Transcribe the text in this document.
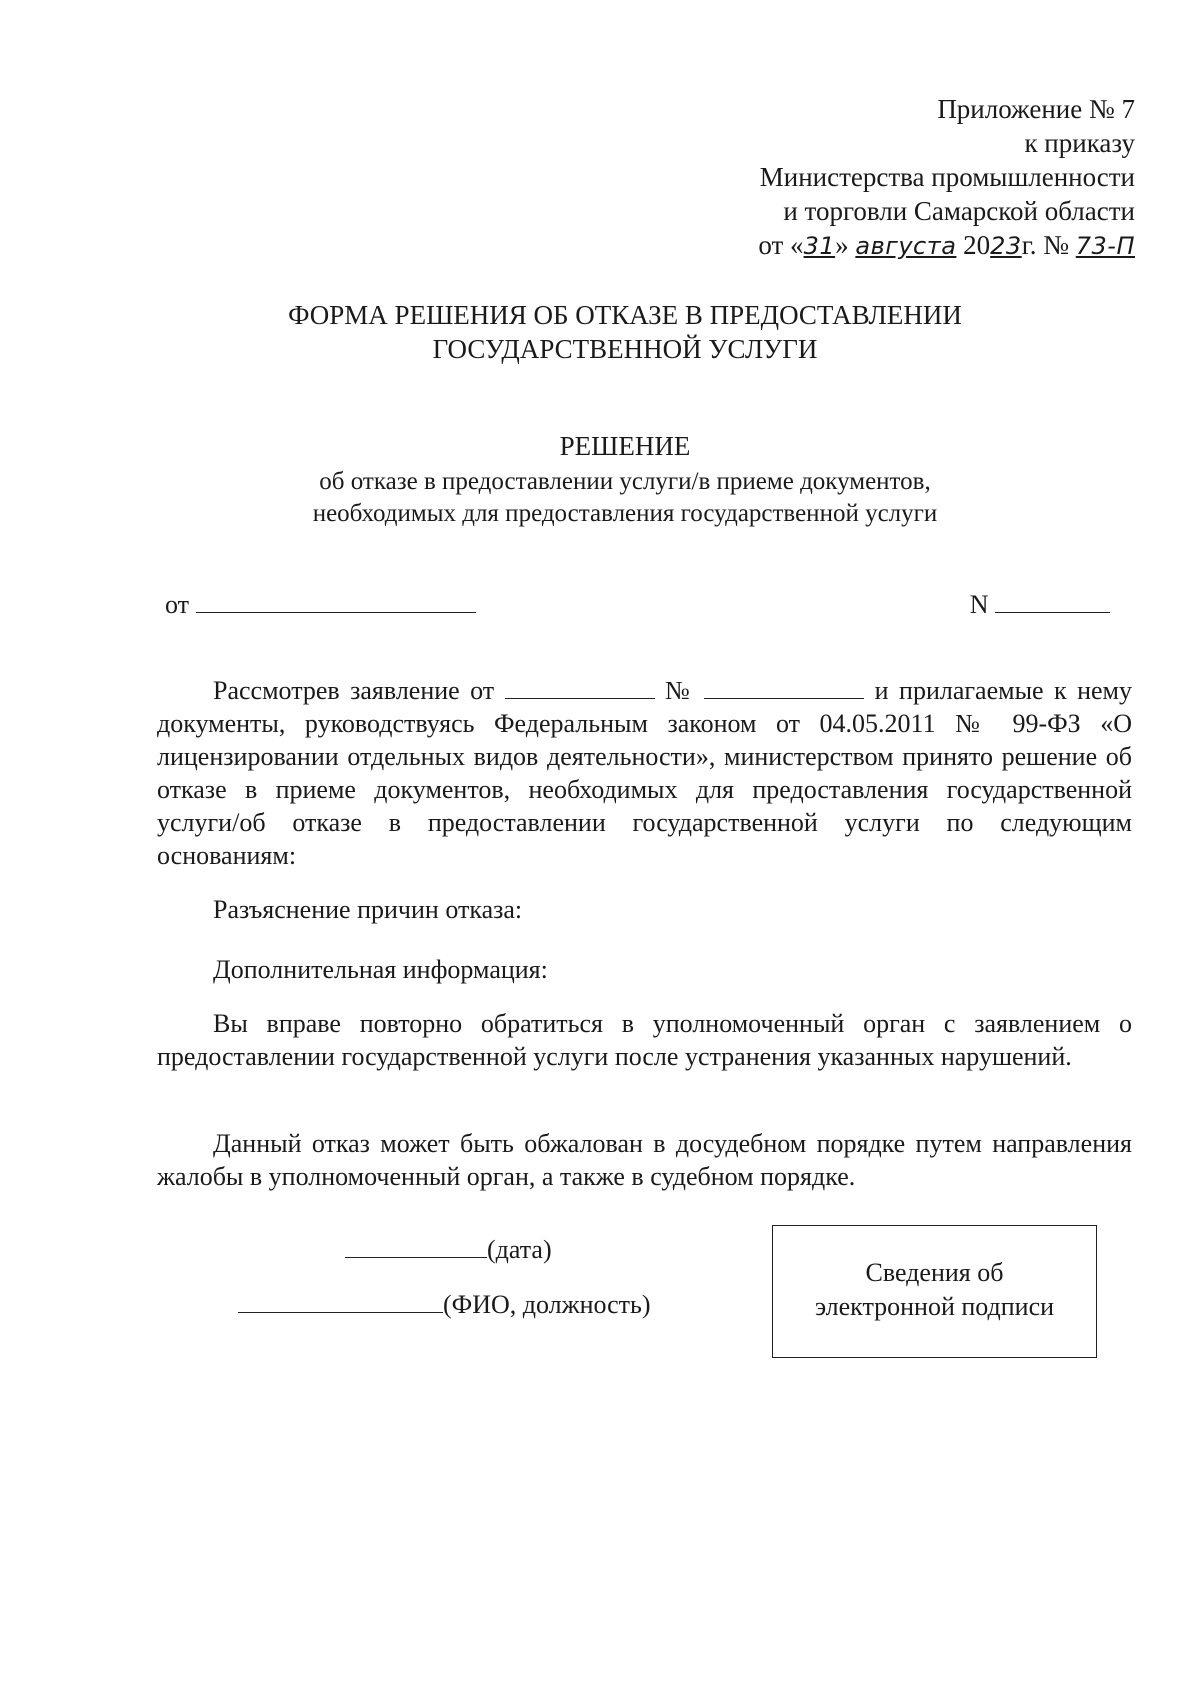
Приложение № 7
к приказу
Министерства промышленности
и торговли Самарской области
от «31» августа 2023г. № 73-П
ФОРМА РЕШЕНИЯ ОБ ОТКАЗЕ В ПРЕДОСТАВЛЕНИИ
ГОСУДАРСТВЕННОЙ УСЛУГИ
РЕШЕНИЕ
об отказе в предоставлении услуги/в приеме документов,
необходимых для предоставления государственной услуги
от	N
Рассмотрев заявление от	№	и прилагаемые к нему документы, руководствуясь Федеральным законом от 04.05.2011 № 99-ФЗ «О лицензировании отдельных видов деятельности», министерством принято решение об отказе в приеме документов, необходимых для предоставления государственной услуги/об отказе в предоставлении государственной услуги по следующим основаниям:
Разъяснение причин отказа:
Дополнительная информация:
Вы вправе повторно обратиться в уполномоченный орган с заявлением о предоставлении государственной услуги после устранения указанных нарушений.
Данный отказ может быть обжалован в досудебном порядке путем направления жалобы в уполномоченный орган, а также в судебном порядке.
(дата)
(ФИО, должность)
Сведения об
электронной подписи
